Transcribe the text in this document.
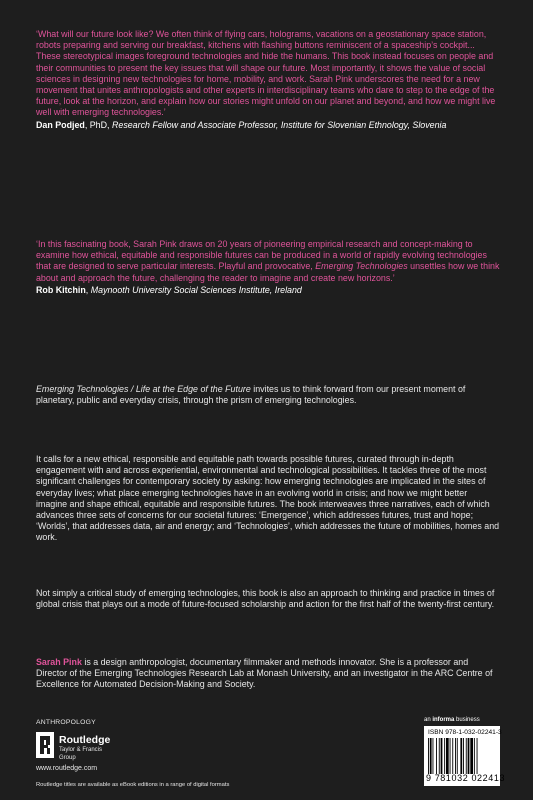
‘What will our future look like? We often think of flying cars, holograms, vacations on a geostationary space station, robots preparing and serving our breakfast, kitchens with flashing buttons reminiscent of a spaceship’s cockpit... These stereotypical images foreground technologies and hide the humans. This book instead focuses on people and their communities to present the key issues that will shape our future. Most importantly, it shows the value of social sciences in designing new technologies for home, mobility, and work. Sarah Pink underscores the need for a new movement that unites anthropologists and other experts in interdisciplinary teams who dare to step to the edge of the future, look at the horizon, and explain how our stories might unfold on our planet and beyond, and how we might live well with emerging technologies.’
Dan Podjed, PhD, Research Fellow and Associate Professor, Institute for Slovenian Ethnology, Slovenia
‘In this fascinating book, Sarah Pink draws on 20 years of pioneering empirical research and concept-making to examine how ethical, equitable and responsible futures can be produced in a world of rapidly evolving technologies that are designed to serve particular interests. Playful and provocative, Emerging Technologies unsettles how we think about and approach the future, challenging the reader to imagine and create new horizons.’
Rob Kitchin, Maynooth University Social Sciences Institute, Ireland
Emerging Technologies / Life at the Edge of the Future invites us to think forward from our present moment of planetary, public and everyday crisis, through the prism of emerging technologies.
It calls for a new ethical, responsible and equitable path towards possible futures, curated through in-depth engagement with and across experiential, environmental and technological possibilities. It tackles three of the most significant challenges for contemporary society by asking: how emerging technologies are implicated in the sites of everyday lives; what place emerging technologies have in an evolving world in crisis; and how we might better imagine and shape ethical, equitable and responsible futures. The book interweaves three narratives, each of which advances three sets of concerns for our societal futures: ‘Emergence’, which addresses futures, trust and hope; ‘Worlds’, that addresses data, air and energy; and ‘Technologies’, which addresses the future of mobilities, homes and work.
Not simply a critical study of emerging technologies, this book is also an approach to thinking and practice in times of global crisis that plays out a mode of future-focused scholarship and action for the first half of the twenty-first century.
Sarah Pink is a design anthropologist, documentary filmmaker and methods innovator. She is a professor and Director of the Emerging Technologies Research Lab at Monash University, and an investigator in the ARC Centre of Excellence for Automated Decision-Making and Society.
ANTHROPOLOGY
Routledge
Taylor & Francis Group
www.routledge.com
Routledge titles are available as eBook editions in a range of digital formats
an informa business
ISBN 978-1-032-02241-3
9 781032 022413
